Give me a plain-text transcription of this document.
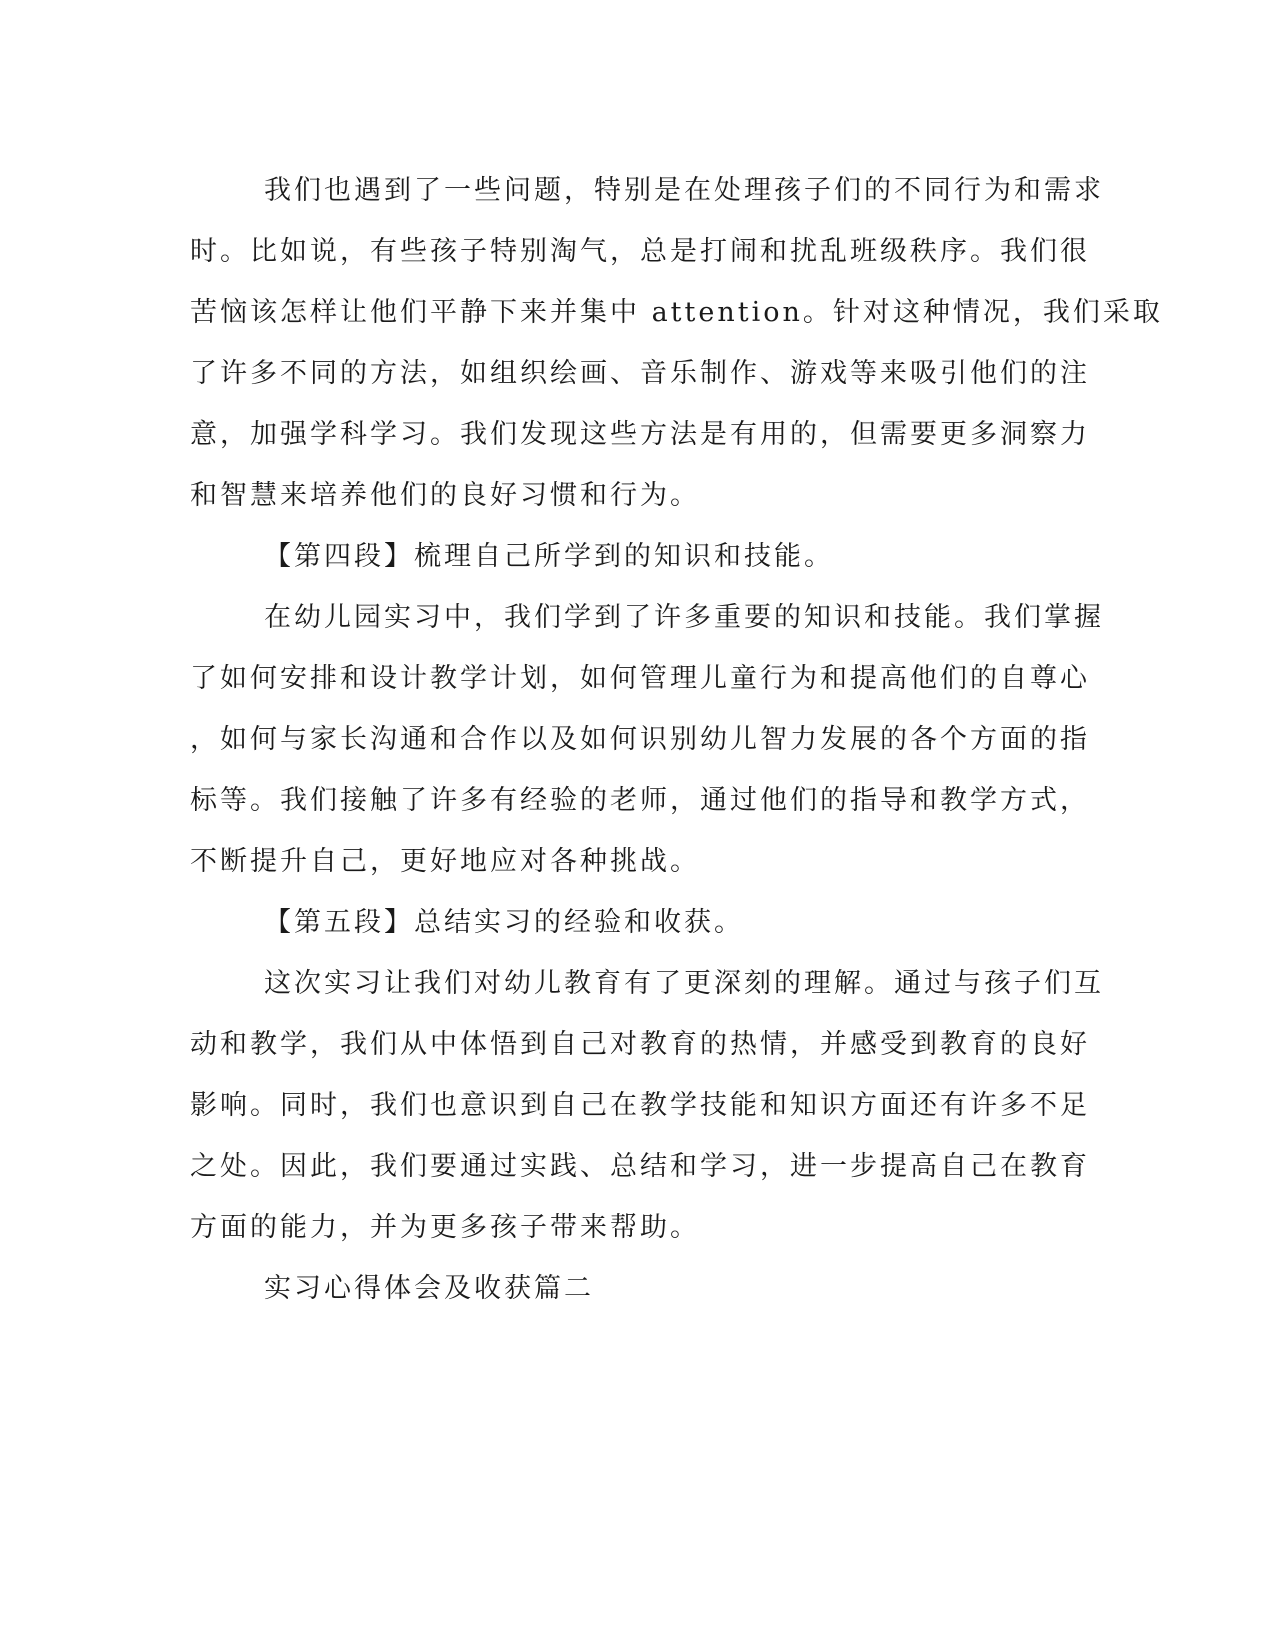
我们也遇到了一些问题，特别是在处理孩子们的不同行为和需求
时。比如说，有些孩子特别淘气，总是打闹和扰乱班级秩序。我们很
苦恼该怎样让他们平静下来并集中 attention。针对这种情况，我们采取
了许多不同的方法，如组织绘画、音乐制作、游戏等来吸引他们的注
意，加强学科学习。我们发现这些方法是有用的，但需要更多洞察力
和智慧来培养他们的良好习惯和行为。
【第四段】梳理自己所学到的知识和技能。
在幼儿园实习中，我们学到了许多重要的知识和技能。我们掌握
了如何安排和设计教学计划，如何管理儿童行为和提高他们的自尊心
，如何与家长沟通和合作以及如何识别幼儿智力发展的各个方面的指
标等。我们接触了许多有经验的老师，通过他们的指导和教学方式，
不断提升自己，更好地应对各种挑战。
【第五段】总结实习的经验和收获。
这次实习让我们对幼儿教育有了更深刻的理解。通过与孩子们互
动和教学，我们从中体悟到自己对教育的热情，并感受到教育的良好
影响。同时，我们也意识到自己在教学技能和知识方面还有许多不足
之处。因此，我们要通过实践、总结和学习，进一步提高自己在教育
方面的能力，并为更多孩子带来帮助。
实习心得体会及收获篇二
